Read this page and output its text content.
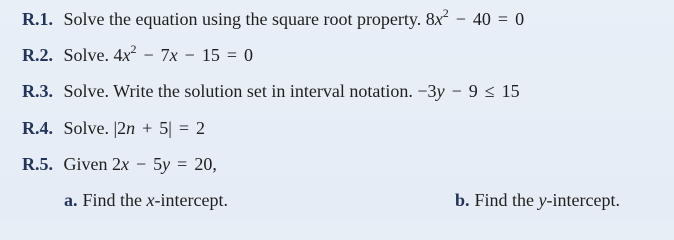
R.1. Solve the equation using the square root property. $8x^2 - 40 = 0$
R.2. Solve. $4x^2 - 7x - 15 = 0$
R.3. Solve. Write the solution set in interval notation. −3y − 9 ≤ 15
R.4. Solve. |2n + 5| = 2
R.5. Given 2x − 5y = 20,
a. Find the x-intercept.	b. Find the y-intercept.
